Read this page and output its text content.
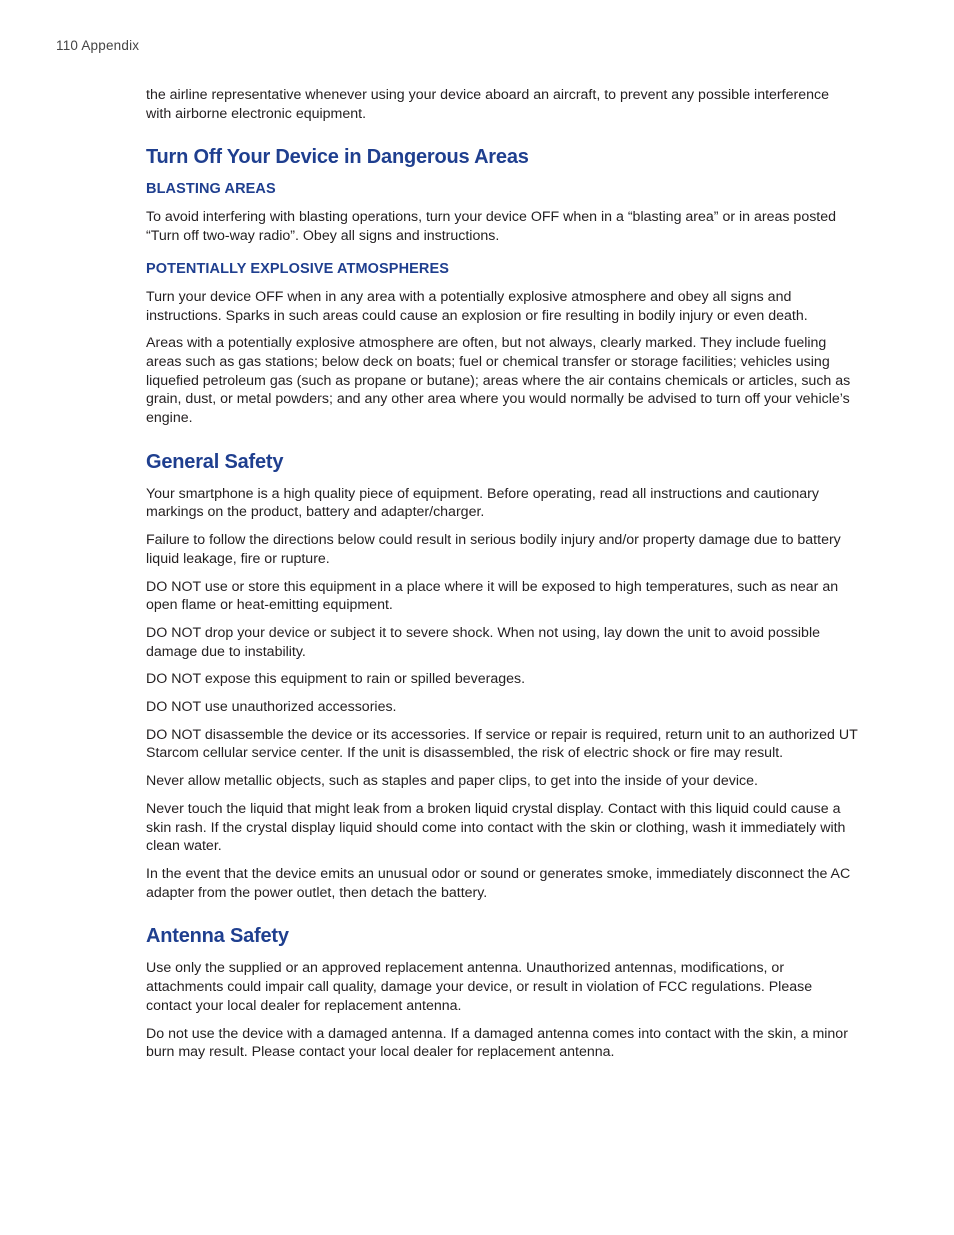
110 Appendix

the airline representative whenever using your device aboard an aircraft, to prevent any possible interference with airborne electronic equipment.

Turn Off Your Device in Dangerous Areas
BLASTING AREAS

To avoid interfering with blasting operations, turn your device OFF when in a “blasting area” or in areas posted “Turn off two-way radio”. Obey all signs and instructions.

POTENTIALLY EXPLOSIVE ATMOSPHERES

Turn your device OFF when in any area with a potentially explosive atmosphere and obey all signs and instructions. Sparks in such areas could cause an explosion or fire resulting in bodily injury or even death.

Areas with a potentially explosive atmosphere are often, but not always, clearly marked. They include fueling areas such as gas stations; below deck on boats; fuel or chemical transfer or storage facilities; vehicles using liquefied petroleum gas (such as propane or butane); areas where the air contains chemicals or articles, such as grain, dust, or metal powders; and any other area where you would normally be advised to turn off your vehicle’s engine.

General Safety

Your smartphone is a high quality piece of equipment. Before operating, read all instructions and cautionary markings on the product, battery and adapter/charger.

Failure to follow the directions below could result in serious bodily injury and/or property damage due to battery liquid leakage, fire or rupture.

DO NOT use or store this equipment in a place where it will be exposed to high temperatures, such as near an open flame or heat-emitting equipment.

DO NOT drop your device or subject it to severe shock. When not using, lay down the unit to avoid possible damage due to instability.

DO NOT expose this equipment to rain or spilled beverages.

DO NOT use unauthorized accessories.

DO NOT disassemble the device or its accessories. If service or repair is required, return unit to an authorized UT Starcom cellular service center. If the unit is disassembled, the risk of electric shock or fire may result.

Never allow metallic objects, such as staples and paper clips, to get into the inside of your device.

Never touch the liquid that might leak from a broken liquid crystal display. Contact with this liquid could cause a skin rash. If the crystal display liquid should come into contact with the skin or clothing, wash it immediately with clean water.

In the event that the device emits an unusual odor or sound or generates smoke, immediately disconnect the AC adapter from the power outlet, then detach the battery.

Antenna Safety

Use only the supplied or an approved replacement antenna. Unauthorized antennas, modifications, or attachments could impair call quality, damage your device, or result in violation of FCC regulations. Please contact your local dealer for replacement antenna.

Do not use the device with a damaged antenna. If a damaged antenna comes into contact with the skin, a minor burn may result. Please contact your local dealer for replacement antenna.
